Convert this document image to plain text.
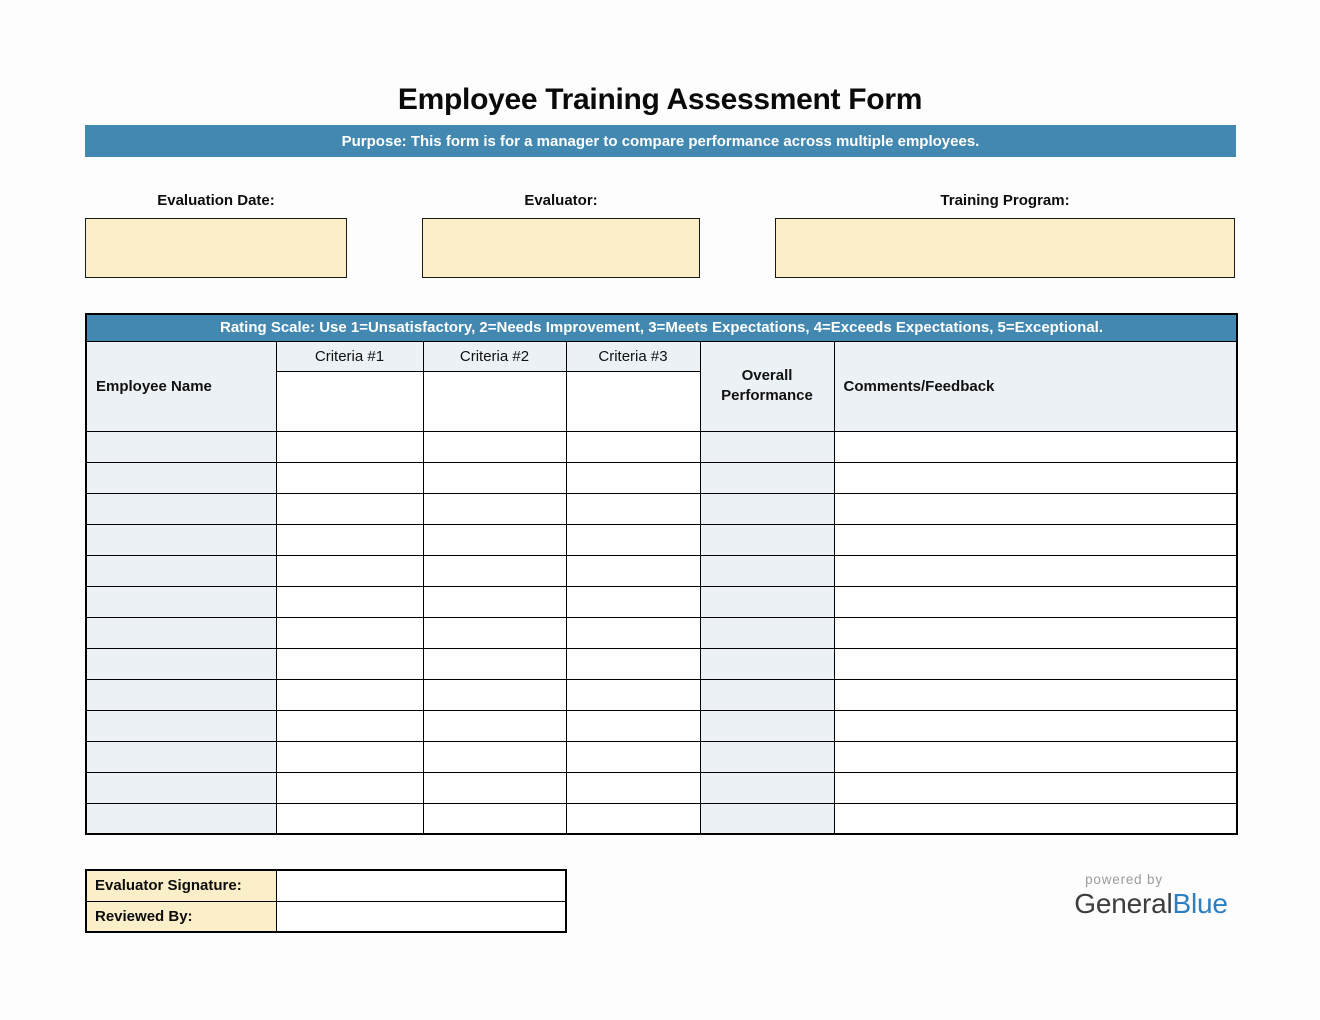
Employee Training Assessment Form
Purpose: This form is for a manager to compare performance across multiple employees.
Evaluation Date:	Evaluator:	Training Program:
Rating Scale: Use 1=Unsatisfactory, 2=Needs Improvement, 3=Meets Expectations, 4=Exceeds Expectations, 5=Exceptional.					
Employee Name	Criteria #1	Criteria #2	Criteria #3	Overall Performance	Comments/Feedback

Evaluator Signature:	
Reviewed By:	
powered by
GeneralBlue
